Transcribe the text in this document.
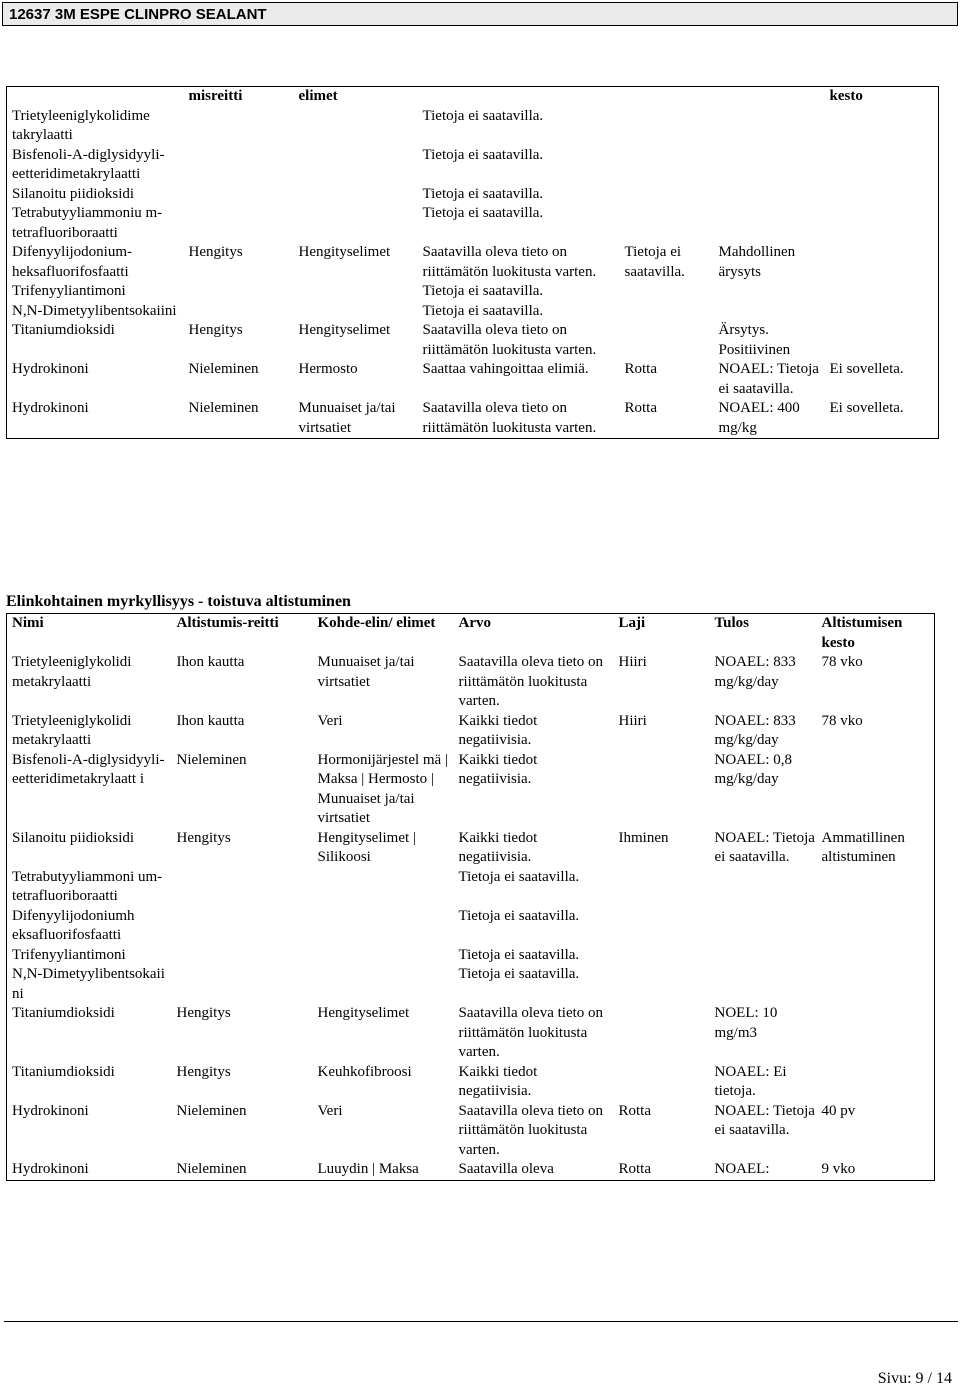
12637 3M ESPE CLINPRO SEALANT
	misreitti	elimet				kesto
Trietyleeniglykolidime takrylaatti			Tietoja ei saatavilla.			
Bisfenoli-A-diglysidyyli-eetteridimetakrylaatti			Tietoja ei saatavilla.			
Silanoitu piidioksidi			Tietoja ei saatavilla.			
Tetrabutyyliammoniu m- tetrafluoriboraatti			Tietoja ei saatavilla.			
Difenyylijodonium-heksafluorifosfaatti	Hengitys	Hengityselimet	Saatavilla oleva tieto on riittämätön luokitusta varten.	Tietoja ei saatavilla.	Mahdollinen ärysyts	
Trifenyyliantimoni			Tietoja ei saatavilla.			
N,N-Dimetyylibentsokaiini			Tietoja ei saatavilla.			
Titaniumdioksidi	Hengitys	Hengityselimet	Saatavilla oleva tieto on riittämätön luokitusta varten.		Ärsytys. Positiivinen	
Hydrokinoni	Nieleminen	Hermosto	Saattaa vahingoittaa elimiä.	Rotta	NOAEL: Tietoja ei saatavilla.	Ei sovelleta.
Hydrokinoni	Nieleminen	Munuaiset ja/tai virtsatiet	Saatavilla oleva tieto on riittämätön luokitusta varten.	Rotta	NOAEL: 400 mg/kg	Ei sovelleta.
Elinkohtainen myrkyllisyys - toistuva altistuminen
Nimi	Altistumis-reitti	Kohde-elin/ elimet	Arvo	Laji	Tulos	Altistumisen kesto
Trietyleeniglykolidi metakrylaatti	Ihon kautta	Munuaiset ja/tai virtsatiet	Saatavilla oleva tieto on riittämätön luokitusta varten.	Hiiri	NOAEL: 833 mg/kg/day	78 vko
Trietyleeniglykolidi metakrylaatti	Ihon kautta	Veri	Kaikki tiedot negatiivisia.	Hiiri	NOAEL: 833 mg/kg/day	78 vko
Bisfenoli-A-diglysidyyli-eetteridimetakrylaatt i	Nieleminen	Hormonijärjestel mä | Maksa | Hermosto | Munuaiset ja/tai virtsatiet	Kaikki tiedot negatiivisia.		NOAEL: 0,8 mg/kg/day	
Silanoitu piidioksidi	Hengitys	Hengityselimet | Silikoosi	Kaikki tiedot negatiivisia.	Ihminen	NOAEL: Tietoja ei saatavilla.	Ammatillinen altistuminen
Tetrabutyyliammoni um-tetrafluoriboraatti			Tietoja ei saatavilla.			
Difenyylijodoniumh eksafluorifosfaatti			Tietoja ei saatavilla.			
Trifenyyliantimoni			Tietoja ei saatavilla.			
N,N-Dimetyylibentsokaii ni			Tietoja ei saatavilla.			
Titaniumdioksidi	Hengitys	Hengityselimet	Saatavilla oleva tieto on riittämätön luokitusta varten.		NOEL: 10 mg/m3	
Titaniumdioksidi	Hengitys	Keuhkofibroosi	Kaikki tiedot negatiivisia.		NOAEL: Ei tietoja.	
Hydrokinoni	Nieleminen	Veri	Saatavilla oleva tieto on riittämätön luokitusta varten.	Rotta	NOAEL: Tietoja ei saatavilla.	40 pv
Hydrokinoni	Nieleminen	Luuydin | Maksa	Saatavilla oleva	Rotta	NOAEL:	9 vko
Sivu: 9 / 14
